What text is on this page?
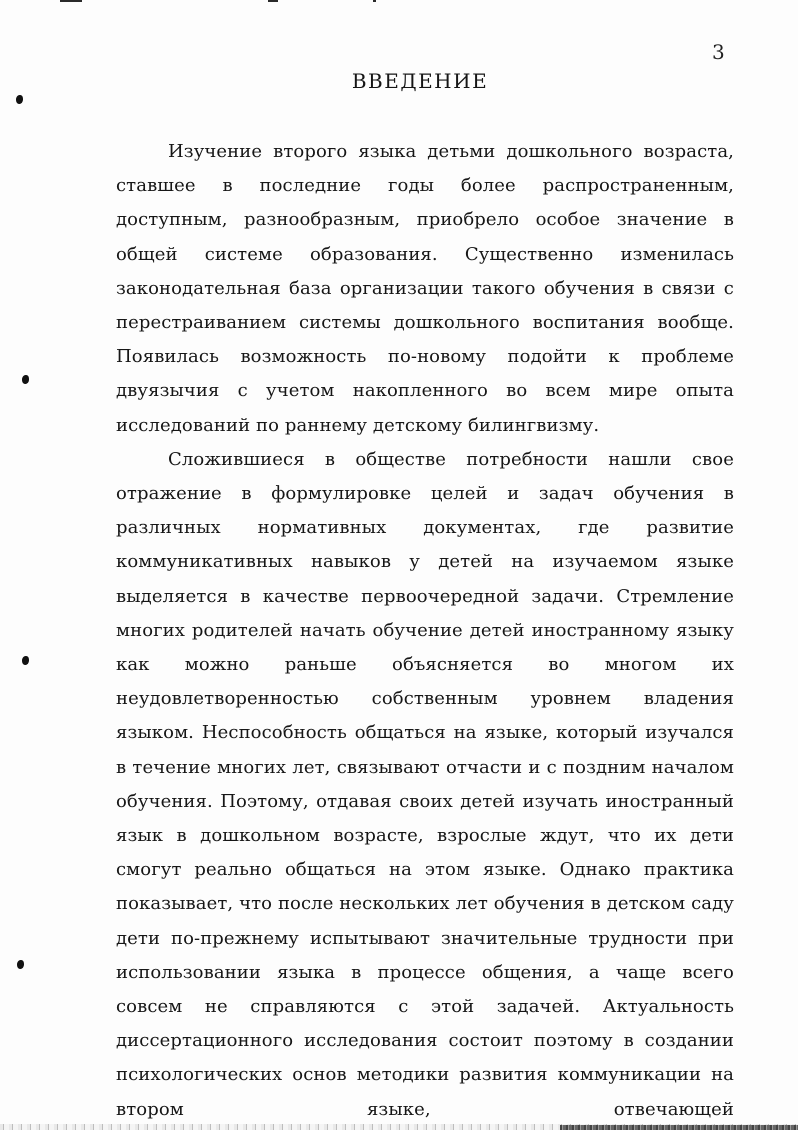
3
ВВЕДЕНИЕ

Изучение второго языка детьми дошкольного возраста, ставшее в последние годы более распространенным, доступным, разнообразным, приобрело особое значение в общей системе образования. Существенно изменилась законодательная база организации такого обучения в связи с перестраиванием системы дошкольного воспитания вообще. Появилась возможность по-новому подойти к проблеме двуязычия с учетом накопленного во всем мире опыта исследований по раннему детскому билингвизму.

Сложившиеся в обществе потребности нашли свое отражение в формулировке целей и задач обучения в различных нормативных документах, где развитие коммуникативных навыков у детей на изучаемом языке выделяется в качестве первоочередной задачи. Стремление многих родителей начать обучение детей иностранному языку как можно раньше объясняется во многом их неудовлетворенностью собственным уровнем владения языком. Неспособность общаться на языке, который изучался в течение многих лет, связывают отчасти и с поздним началом обучения. Поэтому, отдавая своих детей изучать иностранный язык в дошкольном возрасте, взрослые ждут, что их дети смогут реально общаться на этом языке. Однако практика показывает, что после нескольких лет обучения в детском саду дети по-прежнему испытывают значительные трудности при использовании языка в процессе общения, а чаще всего совсем не справляются с этой задачей. Актуальность диссертационного исследования состоит поэтому в создании психологических основ методики развития коммуникации на втором языке, отвечающей
